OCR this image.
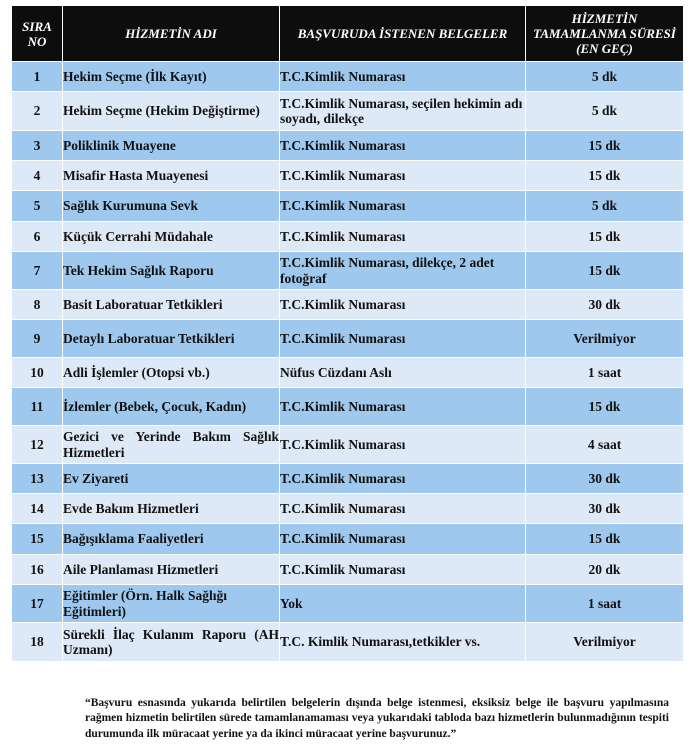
SIRA NO	HİZMETİN ADI	BAŞVURUDA İSTENEN BELGELER	HİZMETİN TAMAMLANMA SÜRESİ (EN GEÇ)
1	Hekim Seçme (İlk Kayıt)	T.C.Kimlik Numarası	5 dk
2	Hekim Seçme (Hekim Değiştirme)	T.C.Kimlik Numarası, seçilen hekimin adı soyadı, dilekçe	5 dk
3	Poliklinik Muayene	T.C.Kimlik Numarası	15 dk
4	Misafir Hasta Muayenesi	T.C.Kimlik Numarası	15 dk
5	Sağlık Kurumuna Sevk	T.C.Kimlik Numarası	5 dk
6	Küçük Cerrahi Müdahale	T.C.Kimlik Numarası	15 dk
7	Tek Hekim Sağlık Raporu	T.C.Kimlik Numarası, dilekçe, 2 adet fotoğraf	15 dk
8	Basit Laboratuar Tetkikleri	T.C.Kimlik Numarası	30 dk
9	Detaylı Laboratuar Tetkikleri	T.C.Kimlik Numarası	Verilmiyor
10	Adli İşlemler (Otopsi vb.)	Nüfus Cüzdanı Aslı	1 saat
11	İzlemler (Bebek, Çocuk, Kadın)	T.C.Kimlik Numarası	15 dk
12	Gezici ve Yerinde Bakım Sağlık Hizmetleri	T.C.Kimlik Numarası	4 saat
13	Ev Ziyareti	T.C.Kimlik Numarası	30 dk
14	Evde Bakım Hizmetleri	T.C.Kimlik Numarası	30 dk
15	Bağışıklama Faaliyetleri	T.C.Kimlik Numarası	15 dk
16	Aile Planlaması Hizmetleri	T.C.Kimlik Numarası	20 dk
17	Eğitimler (Örn. Halk Sağlığı Eğitimleri)	Yok	1 saat
18	Sürekli İlaç Kulanım Raporu (AH Uzmanı)	T.C. Kimlik Numarası,tetkikler vs.	Verilmiyor

“Başvuru esnasında yukarıda belirtilen belgelerin dışında belge istenmesi, eksiksiz belge ile başvuru yapılmasına rağmen hizmetin belirtilen sürede tamamlanamaması veya yukarıdaki tabloda bazı hizmetlerin bulunmadığının tespiti durumunda ilk müracaat yerine ya da ikinci müracaat yerine başvurunuz.”
